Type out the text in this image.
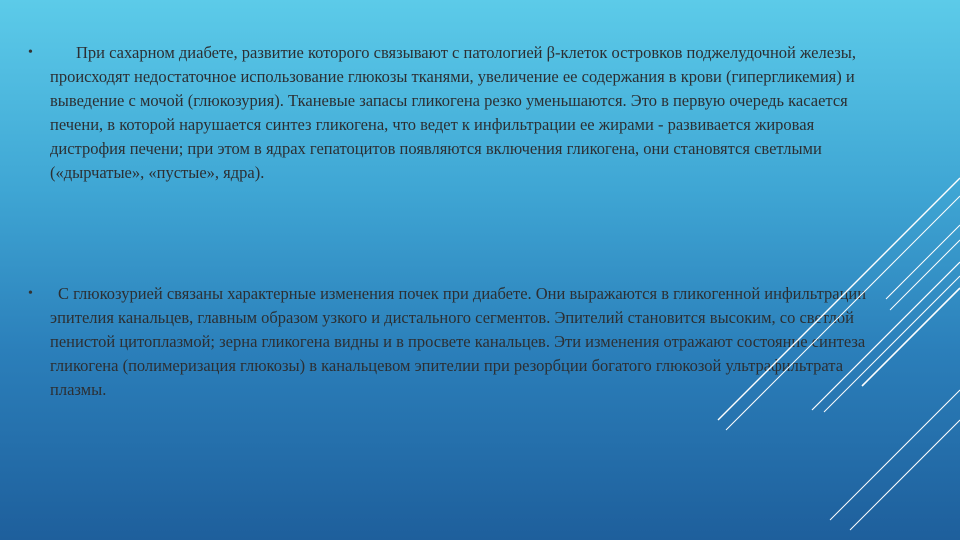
•	При сахарном диабете, развитие которого связывают с патологией β-клеток островков поджелудочной железы, происходят недостаточное использование глюкозы тканями, увеличение ее содержания в крови (гипергликемия) и выведение с мочой (глюкозурия). Тканевые запасы гликогена резко уменьшаются. Это в первую очередь касается печени, в которой нарушается синтез гликогена, что ведет к инфильтрации ее жирами - развивается жировая дистрофия печени; при этом в ядрах гепатоцитов появляются включения гликогена, они становятся светлыми («дырчатые», «пустые», ядра).
•	С глюкозурией связаны характерные изменения почек при диабете. Они выражаются в гликогенной инфильтрации эпителия канальцев, главным образом узкого и дистального сегментов. Эпителий становится высоким, со светлой пенистой цитоплазмой; зерна гликогена видны и в просвете канальцев. Эти изменения отражают состояние синтеза гликогена (полимеризация глюкозы) в канальцевом эпителии при резорбции богатого глюкозой ультрафильтрата плазмы.
